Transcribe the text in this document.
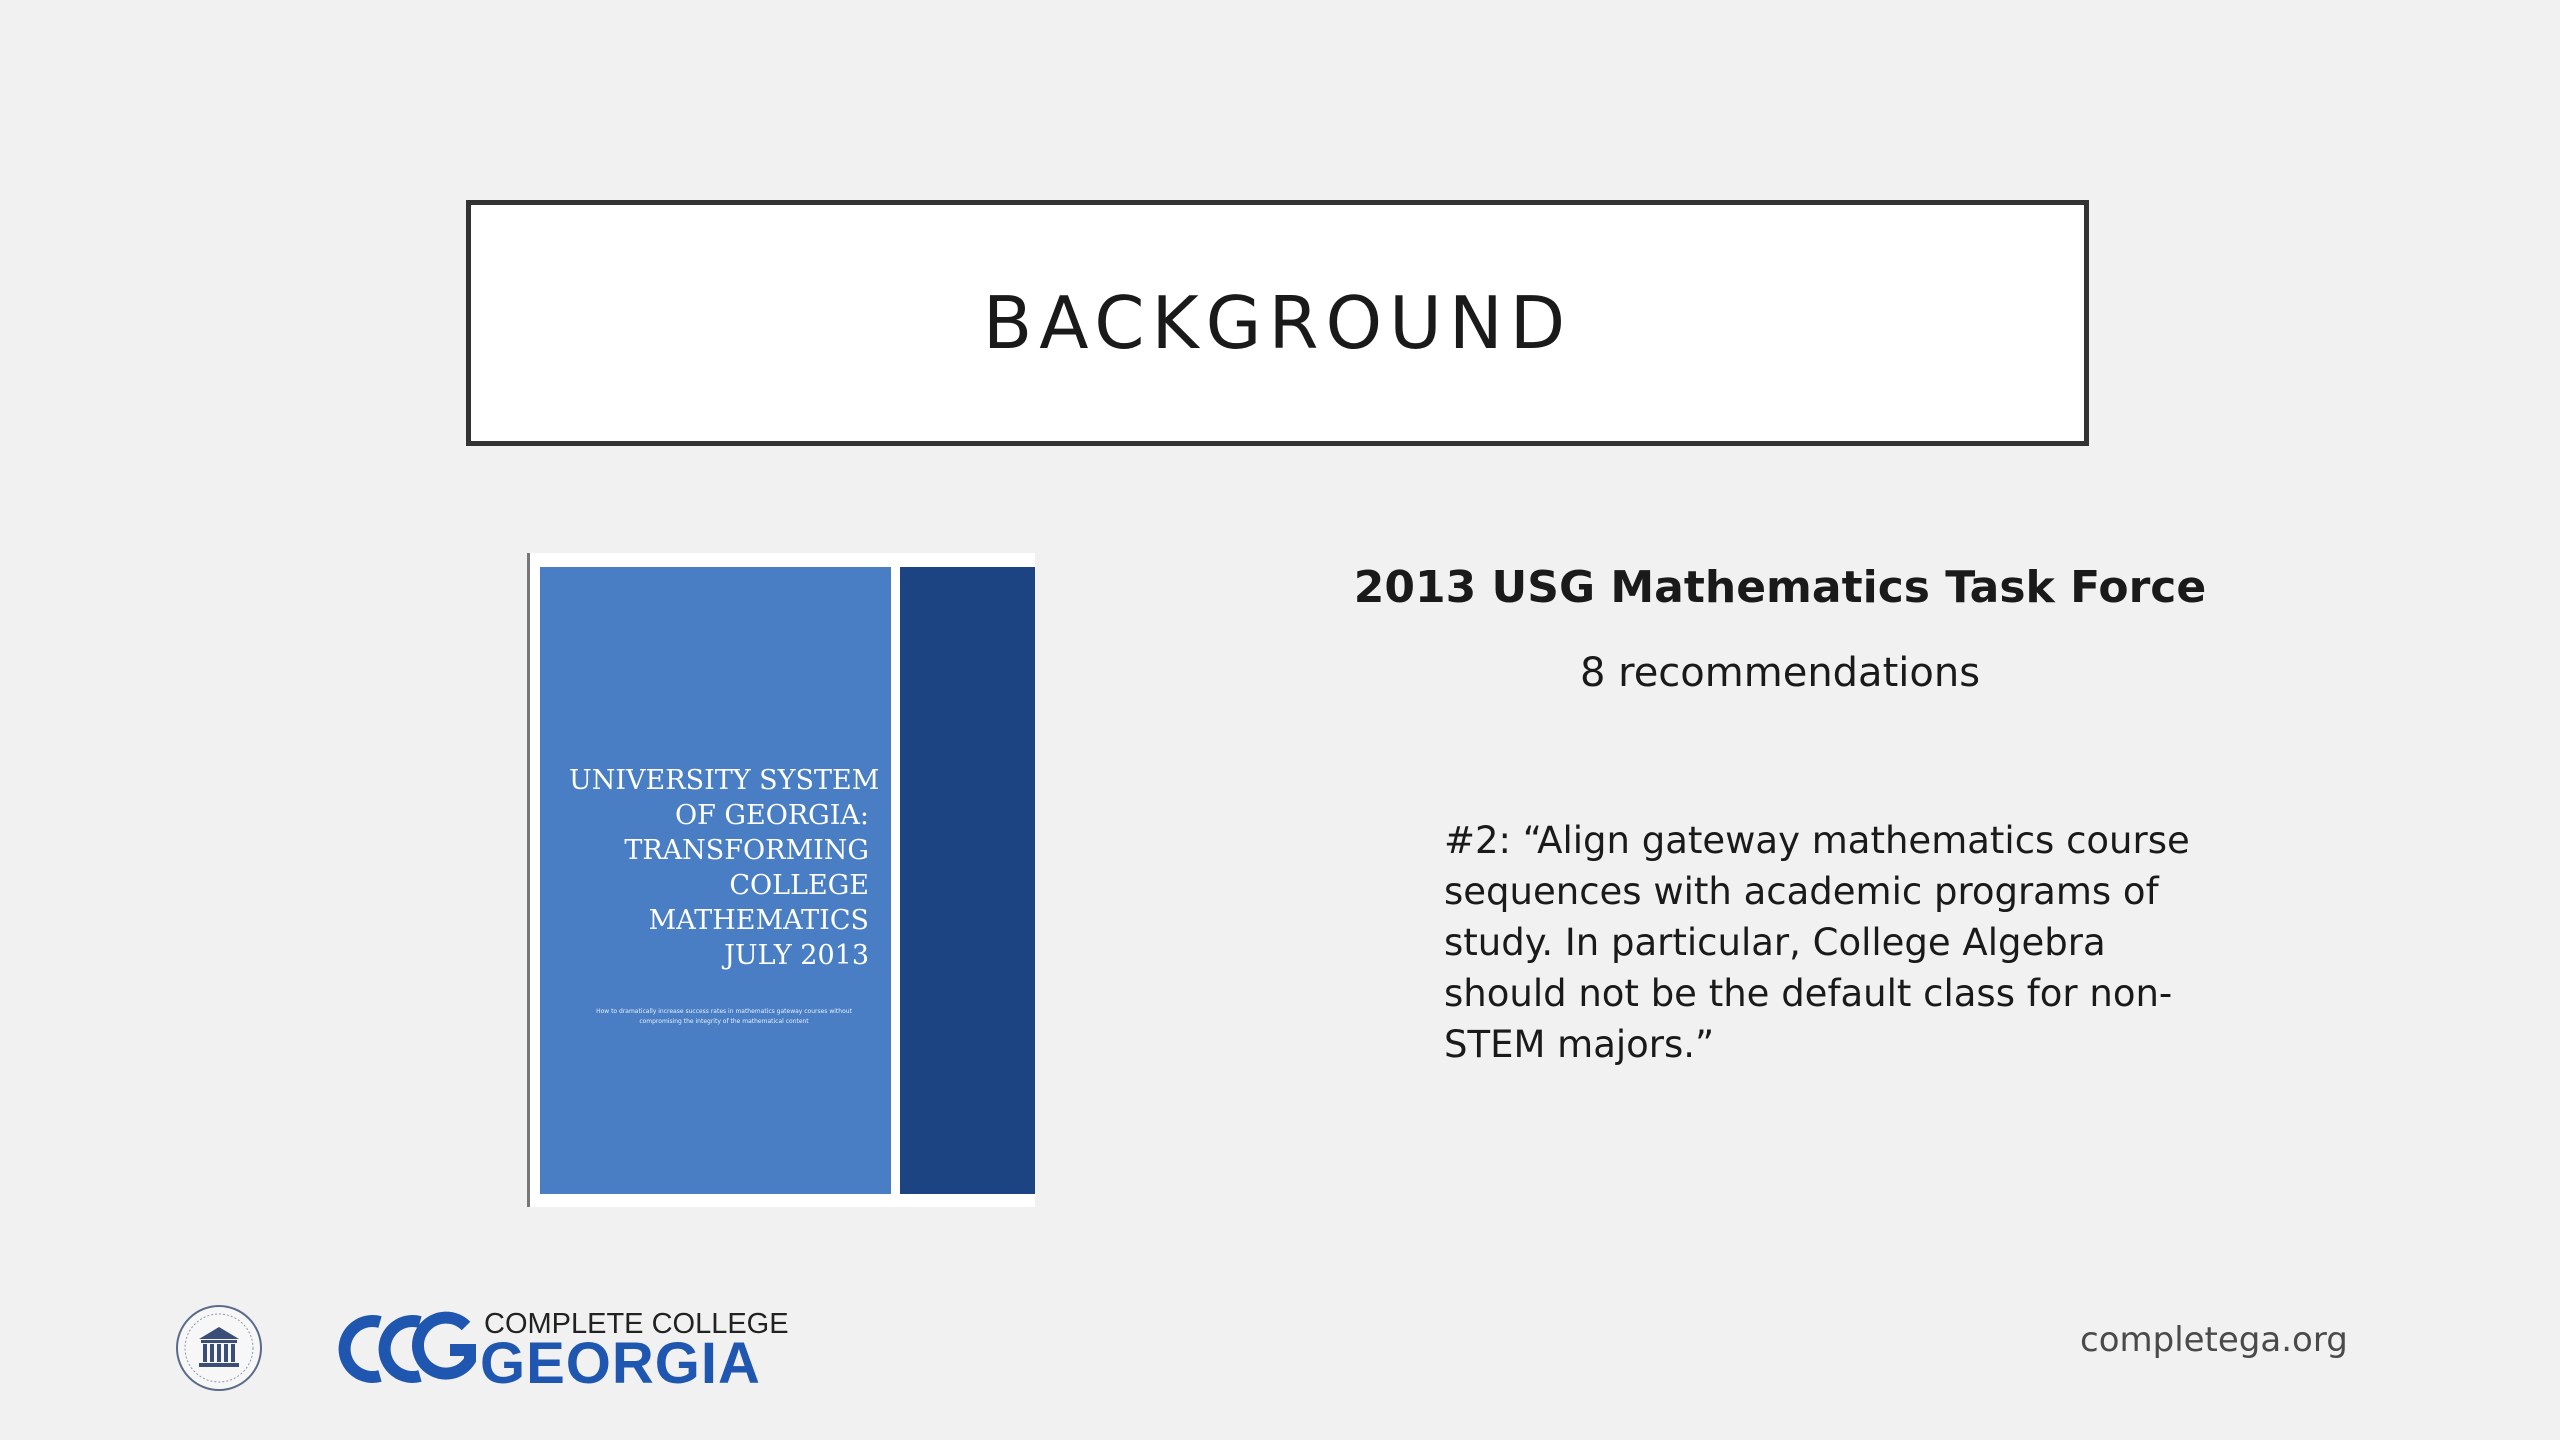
BACKGROUND
UNIVERSITY SYSTEM
OF GEORGIA:
TRANSFORMING
COLLEGE
MATHEMATICS
JULY 2013
How to dramatically increase success rates in mathematics gateway courses without compromising the integrity of the mathematical content
2013 USG Mathematics Task Force
8 recommendations
#2: “Align gateway mathematics course sequences with academic programs of study. In particular, College Algebra should not be the default class for non-STEM majors.”
COMPLETE COLLEGE
GEORGIA	completega.org
